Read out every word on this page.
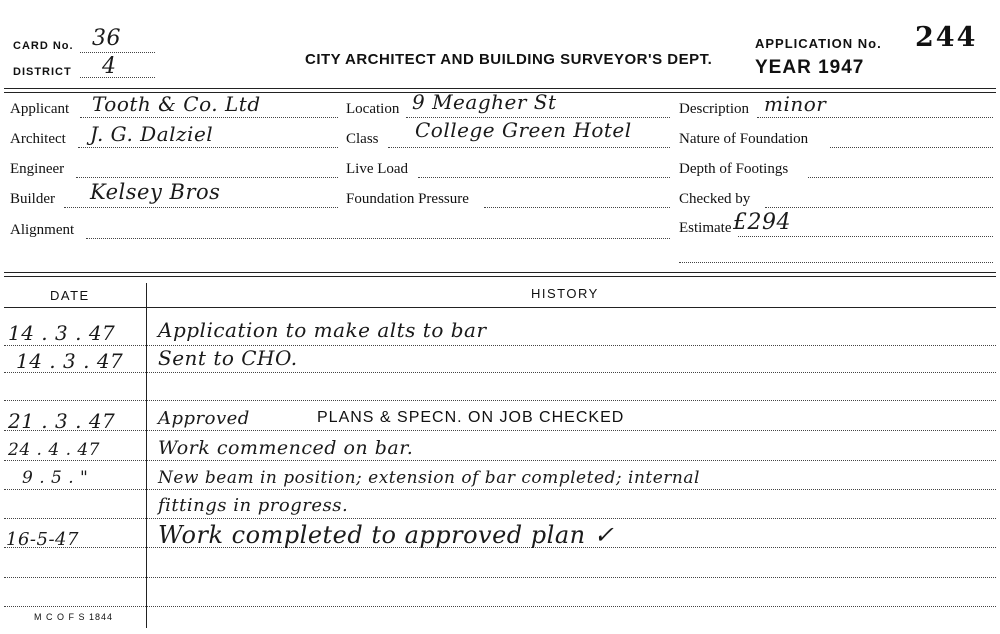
CARD No. 36
DISTRICT 4	CITY ARCHITECT AND BUILDING SURVEYOR'S DEPT.
APPLICATION No. 244
YEAR 1947
Applicant Tooth & Co. Ltd
Architect J. G. Dalziel
Engineer
Builder Kelsey Bros
Alignment
Location 9 Meagher St
Class College Green Hotel
Live Load
Foundation Pressure
Description minor
Nature of Foundation
Depth of Footings
Checked by
Estimate £294
DATE	HISTORY
14 . 3 . 47 Application to make alts to bar
14 . 3 . 47 Sent to CHO.
21 . 3 . 47 Approved	PLANS & SPECN. ON JOB CHECKED
24 . 4 . 47	Work commenced on bar.
9 . 5 . "	New beam in position; extension of bar completed; internal
fittings in progress.
16-5-47	Work completed to approved plan ✓
M C O F S 1844
